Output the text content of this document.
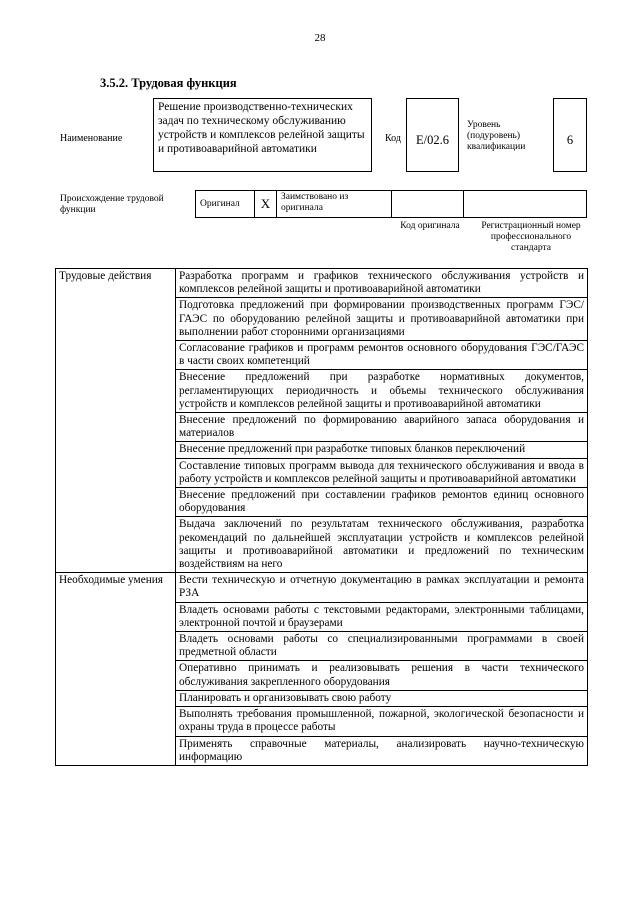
28
3.5.2. Трудовая функция
Наименование
Решение производственно-технических задач по техническому обслуживанию устройств и комплексов релейной защиты и противоаварийной автоматики
Код	E/02.6
Уровень (подуровень) квалификации	6
Происхождение трудовой функции
Оригинал	X	Заимствовано из оригинала
Код оригинала	Регистрационный номер профессионального стандарта
Трудовые действия	Разработка программ и графиков технического обслуживания устройств и комплексов релейной защиты и противоаварийной автоматики
	Подготовка предложений при формировании производственных программ ГЭС/ГАЭС по оборудованию релейной защиты и противоаварийной автоматики при выполнении работ сторонними организациями
	Согласование графиков и программ ремонтов основного оборудования ГЭС/ГАЭС в части своих компетенций
	Внесение предложений при разработке нормативных документов, регламентирующих периодичность и объемы технического обслуживания устройств и комплексов релейной защиты и противоаварийной автоматики
	Внесение предложений по формированию аварийного запаса оборудования и материалов
	Внесение предложений при разработке типовых бланков переключений
	Составление типовых программ вывода для технического обслуживания и ввода в работу устройств и комплексов релейной защиты и противоаварийной автоматики
	Внесение предложений при составлении графиков ремонтов единиц основного оборудования
	Выдача заключений по результатам технического обслуживания, разработка рекомендаций по дальнейшей эксплуатации устройств и комплексов релейной защиты и противоаварийной автоматики и предложений по техническим воздействиям на него
Необходимые умения	Вести техническую и отчетную документацию в рамках эксплуатации и ремонта РЗА
	Владеть основами работы с текстовыми редакторами, электронными таблицами, электронной почтой и браузерами
	Владеть основами работы со специализированными программами в своей предметной области
	Оперативно принимать и реализовывать решения в части технического обслуживания закрепленного оборудования
	Планировать и организовывать свою работу
	Выполнять требования промышленной, пожарной, экологической безопасности и охраны труда в процессе работы
	Применять справочные материалы, анализировать научно-техническую информацию
